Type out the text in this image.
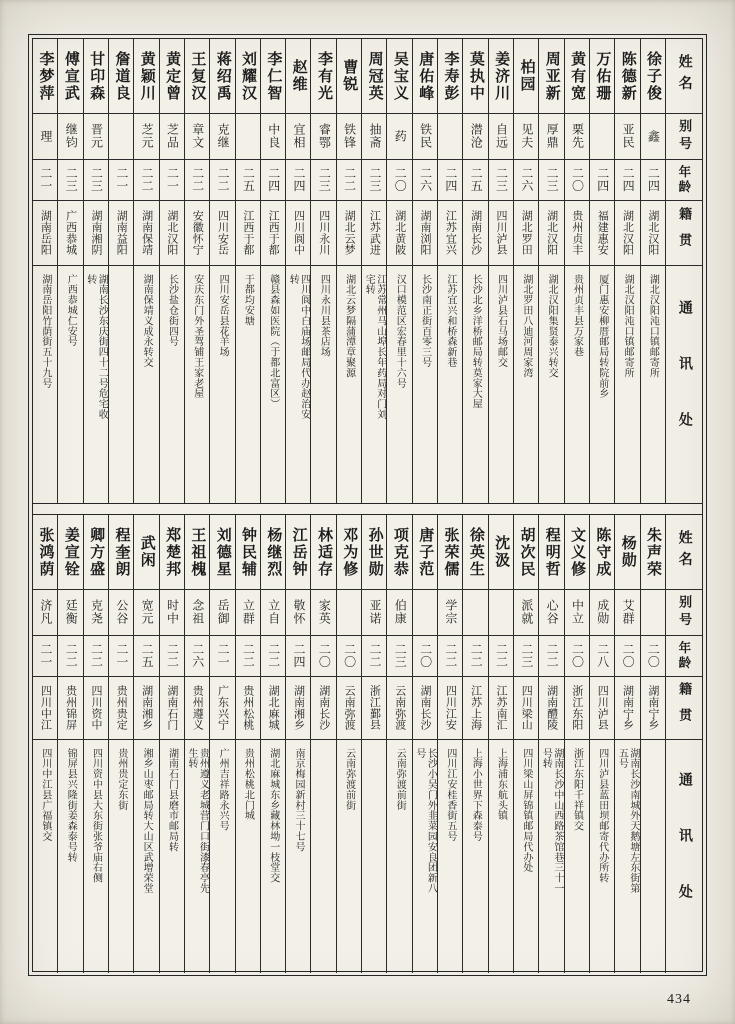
李梦萍
理
二一
湖南岳阳
湖南岳阳竹荫街五十九号
傅宣武
继钧
二三
广西恭城
广西恭城仁安号
甘印森
晋元
二三
湖南湘阴
湖南长沙东庆街四十二号危宅收转
詹道良
二一
湖南益阳
黄颖川
芝元
二二
湖南保靖
湖南保靖义成永转交
黄定曾
芝品
二一
湖北汉阳
长沙盐仓街四号
王复汉
章文
二二
安徽怀宁
安庆东门外圣驾铺王家老屋
蒋绍禹
克继
二二
四川安岳
四川安岳县花羊场
刘耀汉
二五
江西于都
于都均安塘
李仁智
中良
二四
江西于都
赣县森如医院（于都北富区）
赵维
宜相
二四
四川阆中
四川阆中白庙场邮局代办赵治安转
李有光
睿鄂
二三
四川永川
四川永川县茶店场
曹锐
铁锋
二二
湖北云梦
湖北云梦隔蒲潭章聚源
周冠英
抽斋
二三
江苏武进
江苏常州马山埠长年药局对门刘宅转
吴宝义
药
二〇
湖北黄陂
汉口模范区宏春里十六号
唐佑峰
铁民
二六
湖南浏阳
长沙南正街百零三号
李寿彭
二四
江苏宜兴
江苏宜兴和桥森新巷
莫执中
潜沧
二五
湖南长沙
长沙北乡洋桥邮局转莫家大屋
姜济川
自远
二三
四川泸县
四川泸县石马场邮交
柏园
见夫
二六
湖北罗田
湖北罗田八迪河周家湾
周亚新
厚鼎
二三
湖北汉阳
湖北汉阳集贤泰兴转交
黄有宽
栗先
二〇
贵州贞丰
贵州贞丰县万家巷
万佑珊
二四
福建惠安
厦门惠安柳厝邮局转院前乡
陈德新
亚民
二四
湖北汉阳
湖北汉阳沌口镇邮寄所
徐子俊
鑫
二四
湖北汉阳
湖北汉阳沌口镇邮寄所
姓名
别号
年龄
籍贯
通讯处
张鸿荫
济凡
二一
四川中江
四川中江县广福镇交
姜宣铨
廷衡
二二
贵州锦屏
锦屏县兴隆街姜森泰号转
卿方盛
克尧
二二
四川资中
四川资中县大东街张爷庙右侧
程奎朗
公谷
二一
贵州贵定
贵州贵定东街
武闲
宽元
二五
湖南湘乡
湘乡山枣邮局转大山区武增荣堂
郑楚邦
时中
二二
湖南石门
湖南石门县磨市邮局转
王祖槐
念祖
二六
贵州遵义
贵州遵义老城营门口街漆春亭先生转
刘德星
岳御
二一
广东兴宁
广州吉祥路永兴号
钟民辅
立群
二二
贵州松桃
贵州松桃北门城
杨继烈
立自
二二
湖北麻城
湖北麻城东乡藏林坳一枝堂交
江岳钟
敬怀
二四
湖南湘乡
南京梅园新村三十七号
林适存
家英
二〇
湖南长沙
邓为修
二〇
云南弥渡
云南弥渡前街
孙世勋
亚诺
二二
浙江鄞县
项克恭
伯康
二三
云南弥渡
云南弥渡前街
唐子范
二〇
湖南长沙
长沙小吴门外韭菜园安良团新八号
张荣儒
学宗
二二
四川江安
四川江安桂香街五号
徐英生
二二
江苏上海
上海小世界下森泰号
沈汲
二二
江苏南汇
上海浦东航头镇
胡次民
派就
二三
四川梁山
四川梁山屏锦镇邮局代办处
程明哲
心谷
二二
湖南醴陵
湖南长沙中山西路茶馆巷三十一号转
文义修
中立
二〇
浙江东阳
浙江东阳千祥镇交
陈守成
成勋
二八
四川泸县
四川泸县蓝田坝邮寄代办所转
杨勋
艾群
二〇
湖南宁乡
湖南长沙南城外天鹅塘左东街第五号
朱声荣
二〇
湖南宁乡
姓名
别号
年龄
籍贯
通讯处
434
